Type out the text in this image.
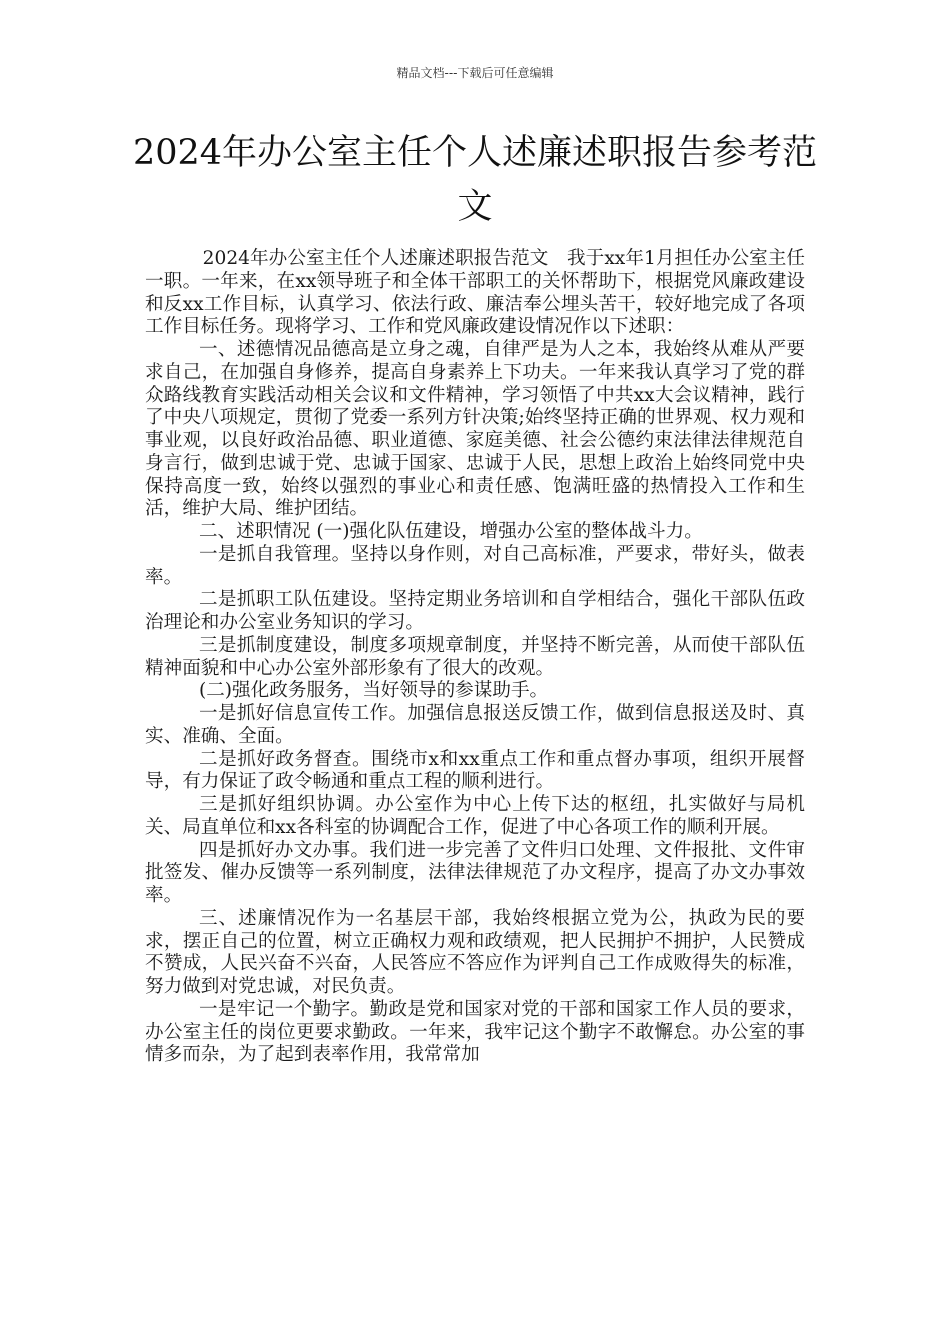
精品文档---下载后可任意编辑
2024年办公室主任个人述廉述职报告参考范文

2024年办公室主任个人述廉述职报告范文　我于xx年1月担任办公室主任一职。一年来，在xx领导班子和全体干部职工的关怀帮助下，根据党风廉政建设和反xx工作目标，认真学习、依法行政、廉洁奉公埋头苦干，较好地完成了各项工作目标任务。现将学习、工作和党风廉政建设情况作以下述职：

一、述德情况品德高是立身之魂，自律严是为人之本，我始终从难从严要求自己，在加强自身修养，提高自身素养上下功夫。一年来我认真学习了党的群众路线教育实践活动相关会议和文件精神，学习领悟了中共xx大会议精神，践行了中央八项规定，贯彻了党委一系列方针决策;始终坚持正确的世界观、权力观和事业观，以良好政治品德、职业道德、家庭美德、社会公德约束法律法律规范自身言行，做到忠诚于党、忠诚于国家、忠诚于人民，思想上政治上始终同党中央保持高度一致，始终以强烈的事业心和责任感、饱满旺盛的热情投入工作和生活，维护大局、维护团结。

二、述职情况 (一)强化队伍建设，增强办公室的整体战斗力。

一是抓自我管理。坚持以身作则，对自己高标准，严要求，带好头，做表率。

二是抓职工队伍建设。坚持定期业务培训和自学相结合，强化干部队伍政治理论和办公室业务知识的学习。

三是抓制度建设，制度多项规章制度，并坚持不断完善，从而使干部队伍精神面貌和中心办公室外部形象有了很大的改观。

(二)强化政务服务，当好领导的参谋助手。

一是抓好信息宣传工作。加强信息报送反馈工作，做到信息报送及时、真实、准确、全面。

二是抓好政务督查。围绕市x和xx重点工作和重点督办事项，组织开展督导，有力保证了政令畅通和重点工程的顺利进行。

三是抓好组织协调。办公室作为中心上传下达的枢纽，扎实做好与局机关、局直单位和xx各科室的协调配合工作，促进了中心各项工作的顺利开展。

四是抓好办文办事。我们进一步完善了文件归口处理、文件报批、文件审批签发、催办反馈等一系列制度，法律法律规范了办文程序，提高了办文办事效率。

三、述廉情况作为一名基层干部，我始终根据立党为公，执政为民的要求，摆正自己的位置，树立正确权力观和政绩观，把人民拥护不拥护，人民赞成不赞成，人民兴奋不兴奋，人民答应不答应作为评判自己工作成败得失的标准，努力做到对党忠诚，对民负责。

一是牢记一个勤字。勤政是党和国家对党的干部和国家工作人员的要求，办公室主任的岗位更要求勤政。一年来，我牢记这个勤字不敢懈怠。办公室的事情多而杂，为了起到表率作用，我常常加
